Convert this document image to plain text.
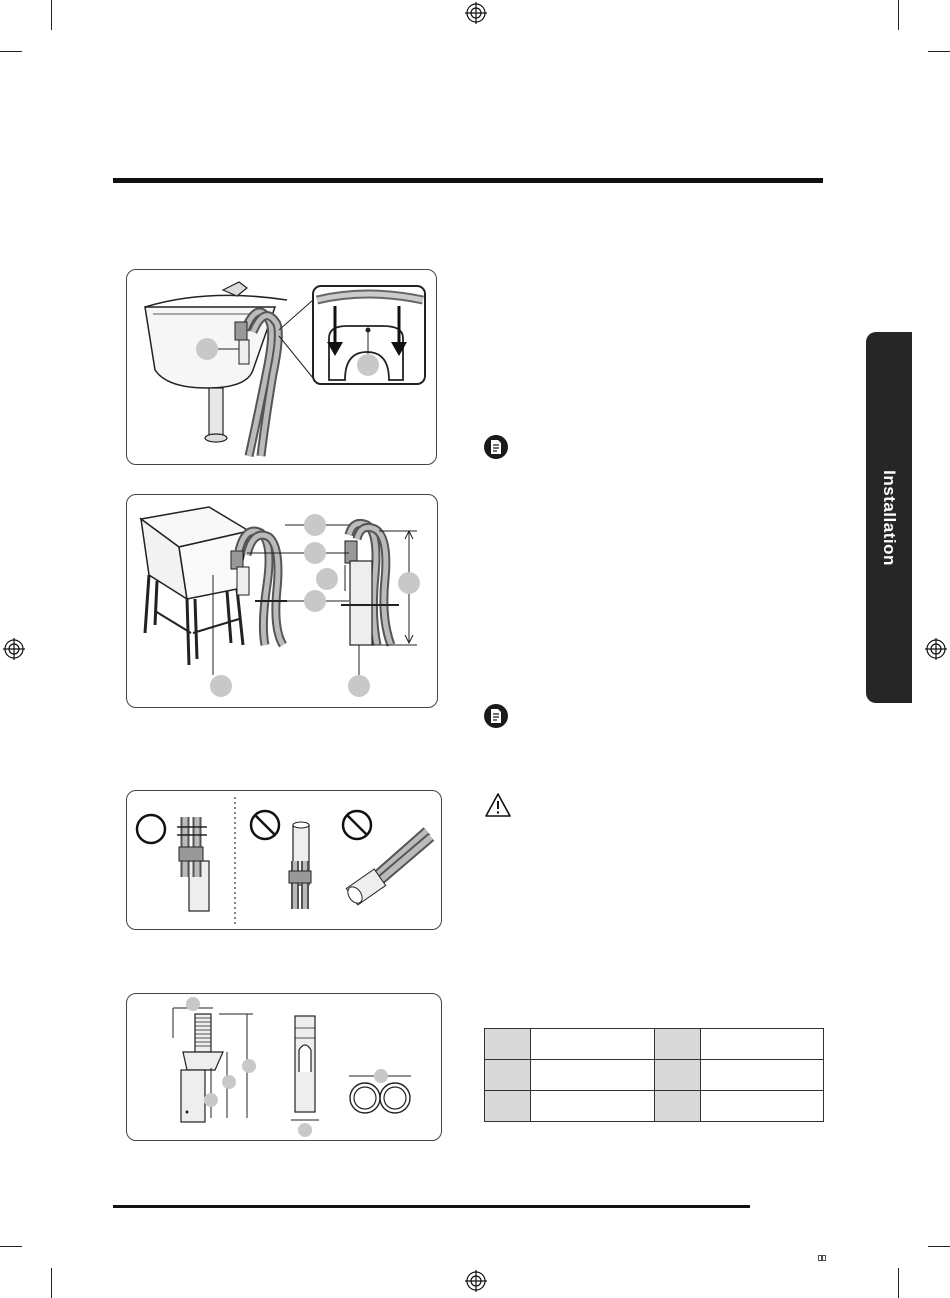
Installation
